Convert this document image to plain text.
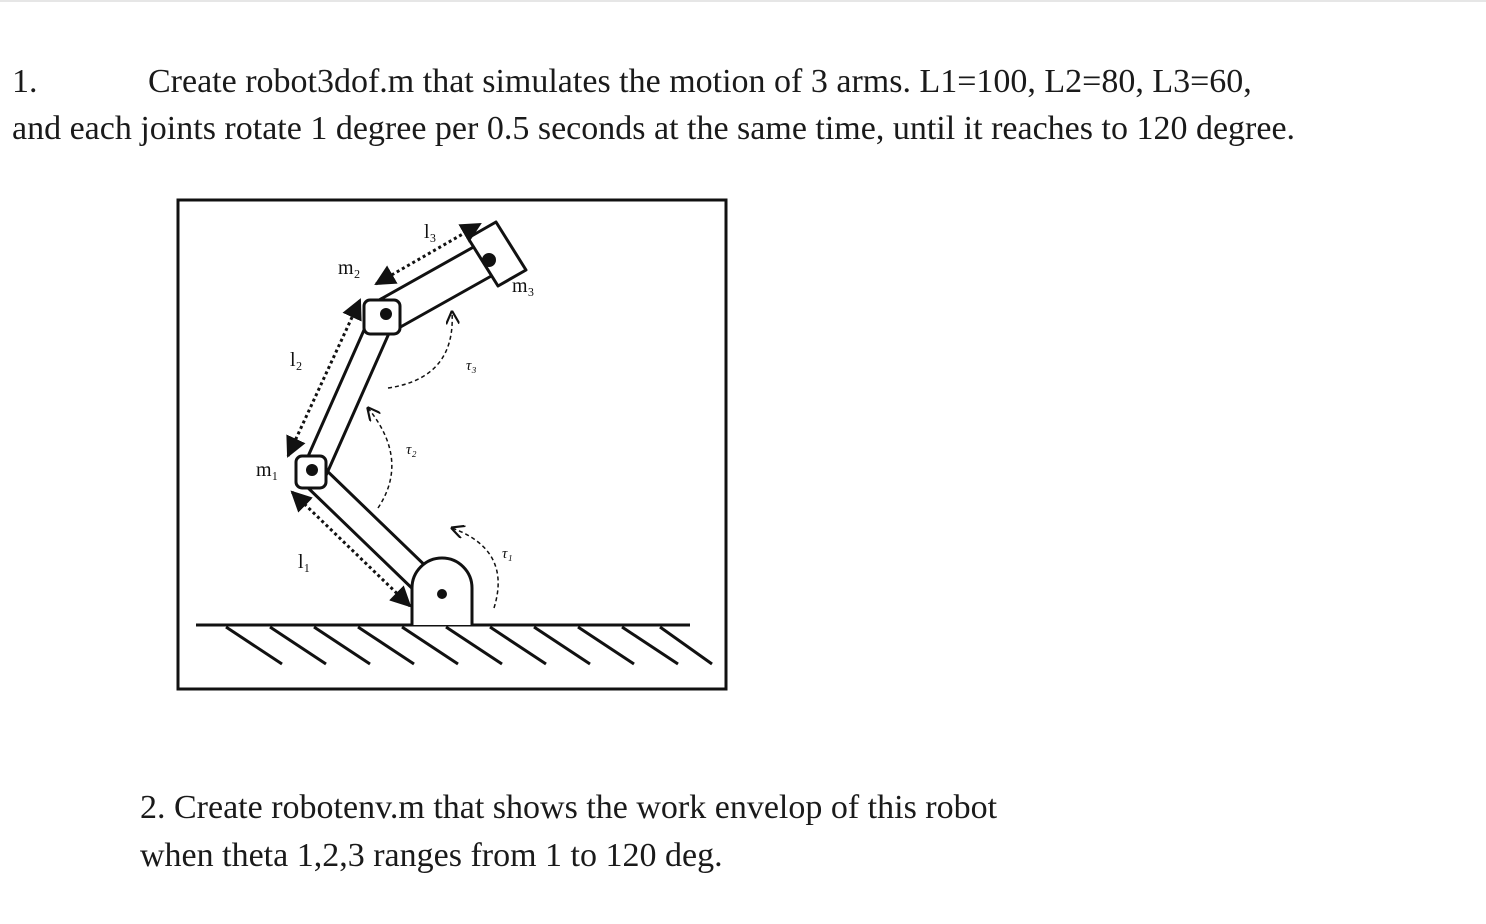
1.	Create robot3dof.m that simulates the motion of 3 arms. L1=100, L2=80, L3=60,
and each joints rotate 1 degree per 0.5 seconds at the same time, until it reaches to 120 degree.
l₁
l₂
l₃
m₁
m₂
m₃
τ₁
τ₂
τ₃
2. Create robotenv.m that shows the work envelop of this robot
when theta 1,2,3 ranges from 1 to 120 deg.
